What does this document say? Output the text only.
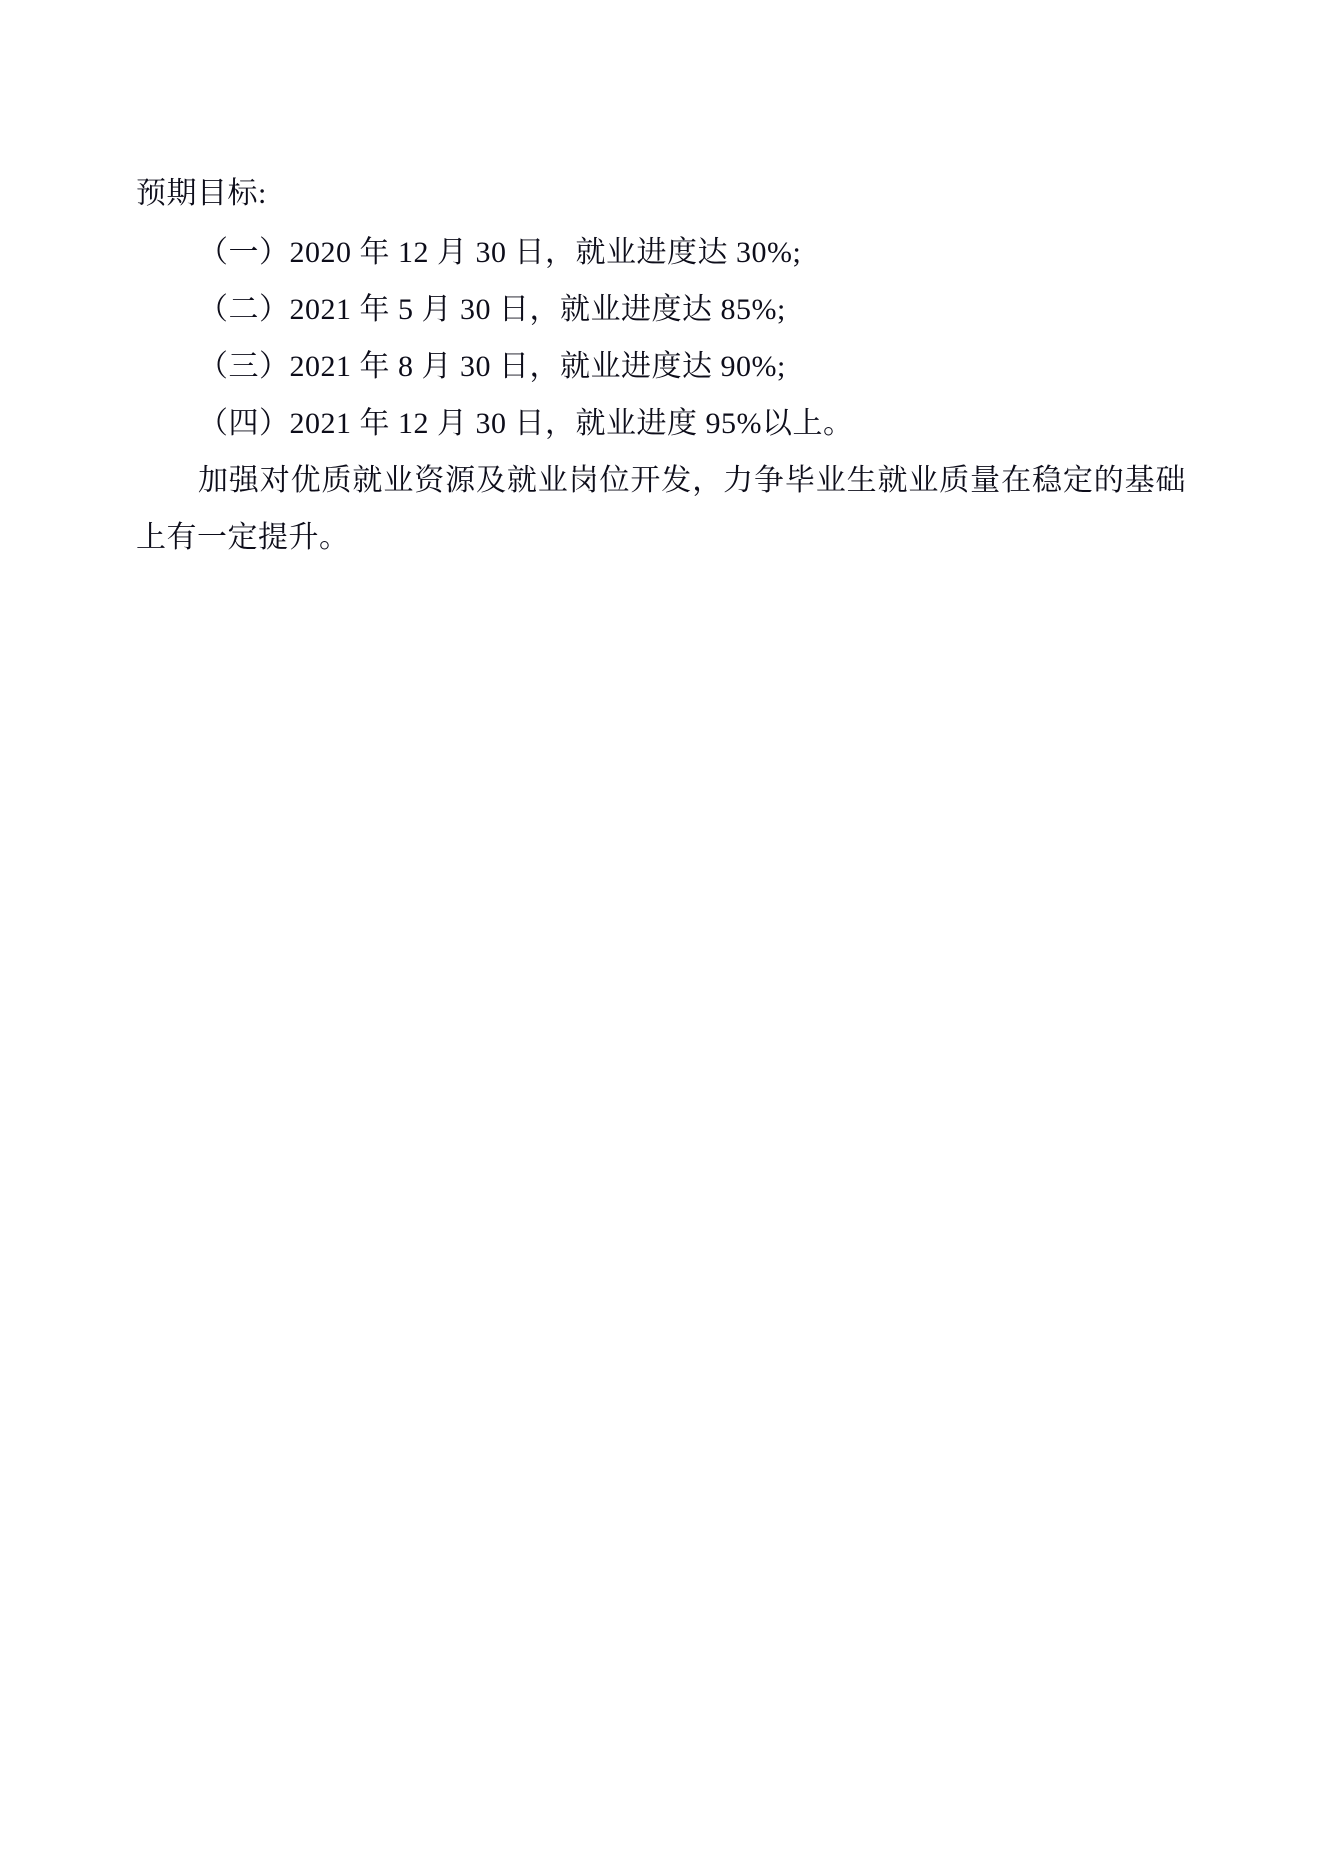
预期目标:

（一）2020 年 12 月 30 日，就业进度达 30%;

（二）2021 年 5 月 30 日，就业进度达 85%;

（三）2021 年 8 月 30 日，就业进度达 90%;

（四）2021 年 12 月 30 日，就业进度 95%以上。

加强对优质就业资源及就业岗位开发，力争毕业生就业质量在稳定的基础上有一定提升。
